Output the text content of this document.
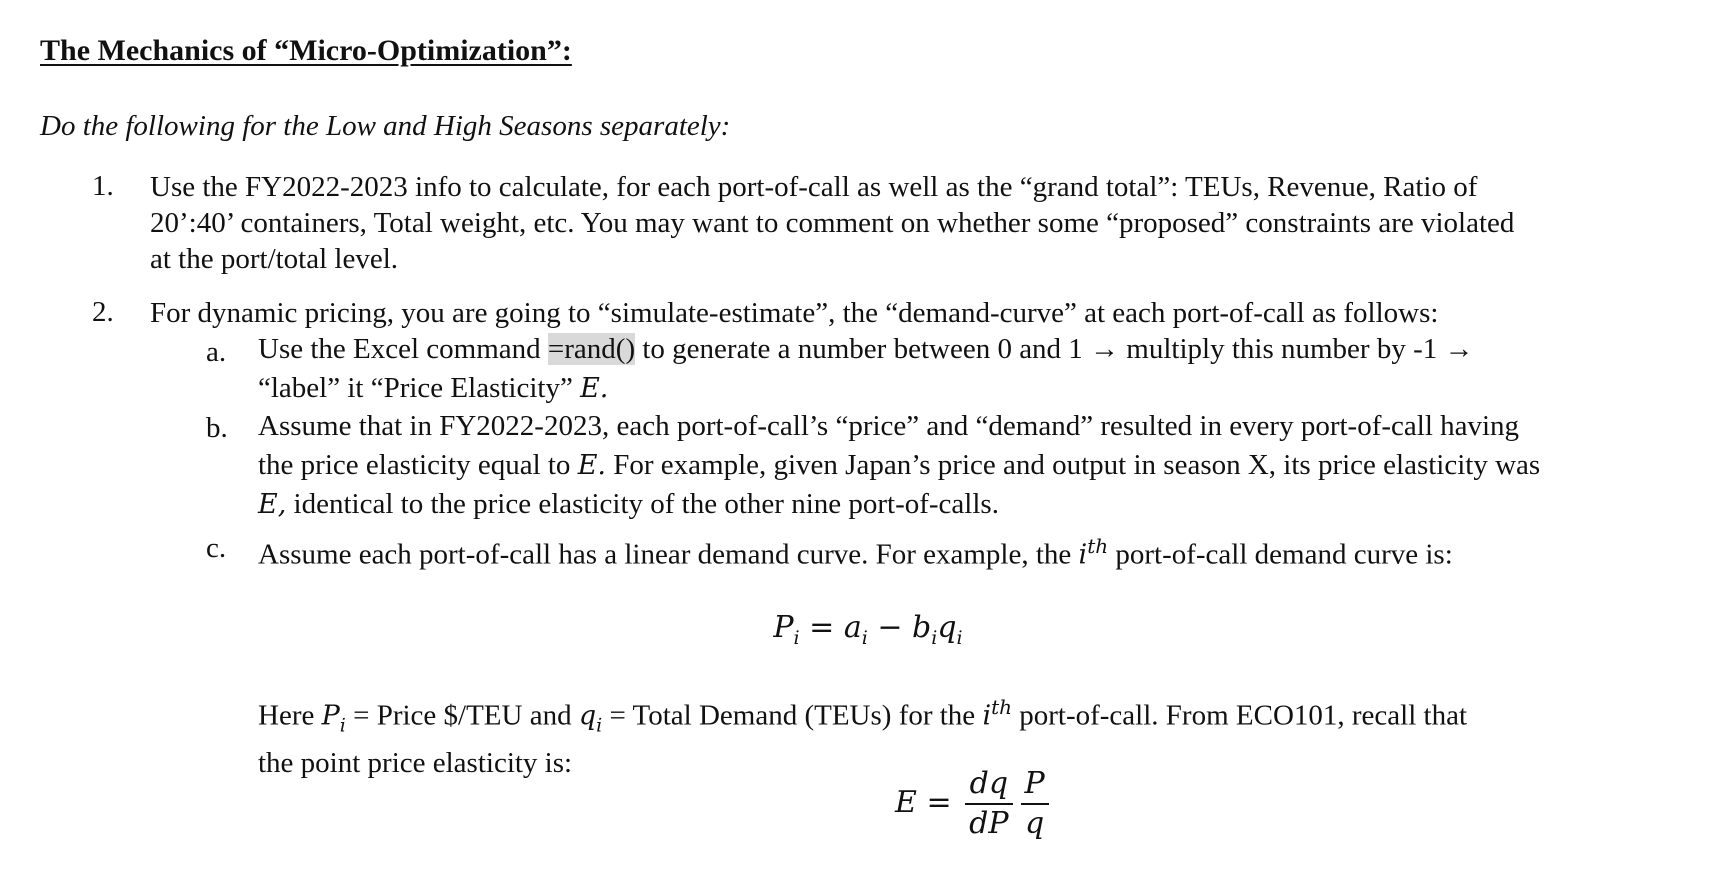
The Mechanics of “Micro-Optimization”:

Do the following for the Low and High Seasons separately:

1. Use the FY2022-2023 info to calculate, for each port-of-call as well as the “grand total”: TEUs, Revenue, Ratio of
20’:40’ containers, Total weight, etc. You may want to comment on whether some “proposed” constraints are violated
at the port/total level.

2. For dynamic pricing, you are going to “simulate-estimate”, the “demand-curve” at each port-of-call as follows:

a. Use the Excel command =rand() to generate a number between 0 and 1 → multiply this number by -1 →
“label” it “Price Elasticity” E.

b. Assume that in FY2022-2023, each port-of-call’s “price” and “demand” resulted in every port-of-call having
the price elasticity equal to E. For example, given Japan’s price and output in season X, its price elasticity was
E, identical to the price elasticity of the other nine port-of-calls.

c. Assume each port-of-call has a linear demand curve. For example, the $i^{th}$ port-of-call demand curve is:

$P_i = a_i - b_iq_i$

Here $P_i$ = Price $/TEU and $q_i$ = Total Demand (TEUs) for the $i^{th}$ port-of-call. From ECO101, recall that
the point price elasticity is:

$E = \frac{dq}{dP} \frac{P}{q}$
